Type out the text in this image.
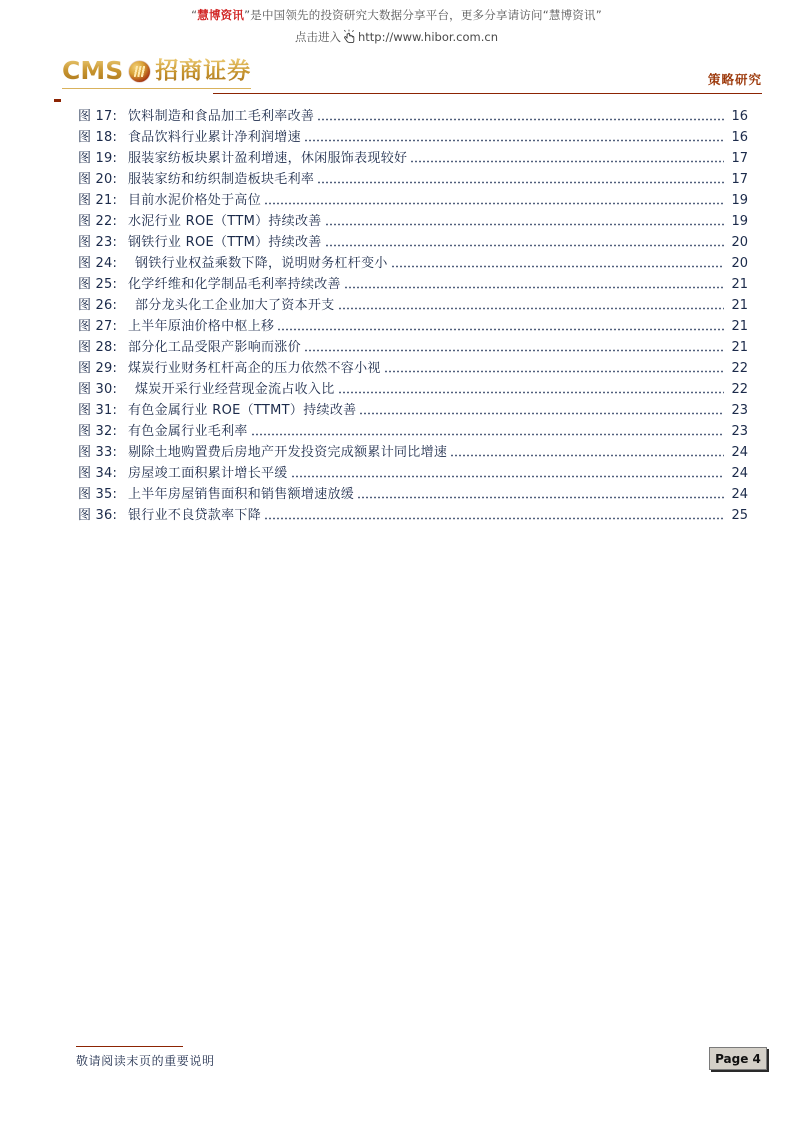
“慧博资讯”是中国领先的投资研究大数据分享平台，更多分享请访问“慧博资讯”
点击进入 http://www.hibor.com.cn
CMS 招商证券	策略研究
图 17: 饮料制造和食品加工毛利率改善	16
图 18: 食品饮料行业累计净利润增速	16
图 19: 服装家纺板块累计盈利增速，休闲服饰表现较好	17
图 20: 服装家纺和纺织制造板块毛利率	17
图 21: 目前水泥价格处于高位	19
图 22: 水泥行业 ROE（TTM）持续改善	19
图 23: 钢铁行业 ROE（TTM）持续改善	20
图 24:	钢铁行业权益乘数下降，说明财务杠杆变小	20
图 25: 化学纤维和化学制品毛利率持续改善	21
图 26:	部分龙头化工企业加大了资本开支	21
图 27: 上半年原油价格中枢上移	21
图 28: 部分化工品受限产影响而涨价	21
图 29: 煤炭行业财务杠杆高企的压力依然不容小视	22
图 30:	煤炭开采行业经营现金流占收入比	22
图 31: 有色金属行业 ROE（TTMT）持续改善	23
图 32: 有色金属行业毛利率	23
图 33: 剔除土地购置费后房地产开发投资完成额累计同比增速	24
图 34: 房屋竣工面积累计增长平缓	24
图 35: 上半年房屋销售面积和销售额增速放缓	24
图 36: 银行业不良贷款率下降	25
敬请阅读末页的重要说明	Page 4
